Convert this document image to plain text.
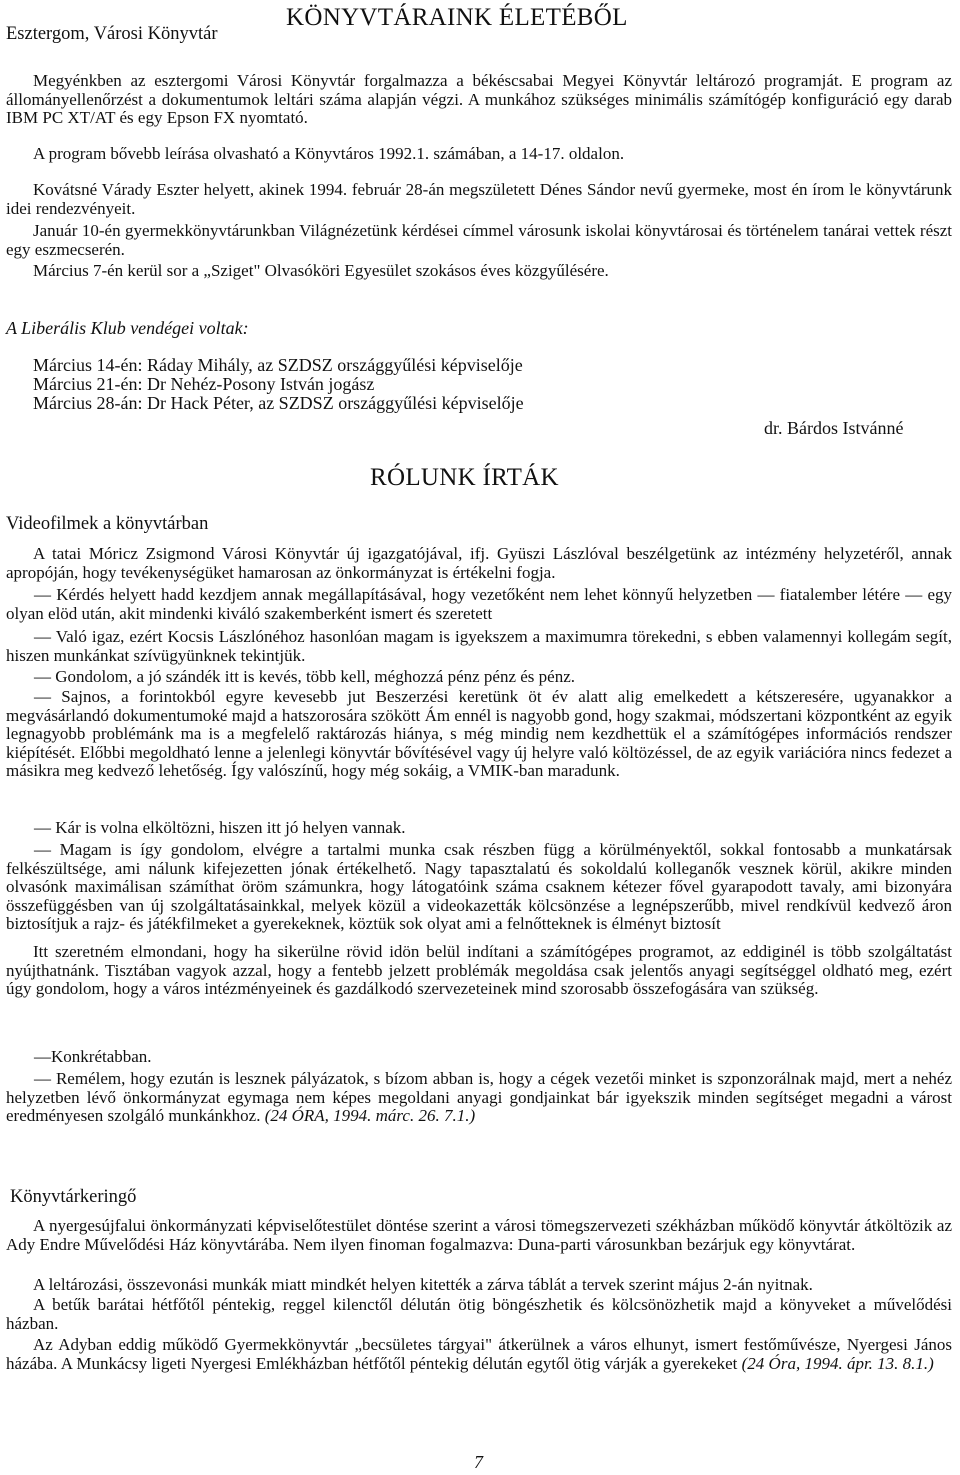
KÖNYVTÁRAINK ÉLETÉBŐL
Esztergom, Városi Könyvtár

Megyénkben az esztergomi Városi Könyvtár forgalmazza a békéscsabai Megyei Könyvtár leltározó programját. E program az állományellenőrzést a dokumentumok leltári száma alapján végzi. A munkához szükséges minimális számítógép konfiguráció egy darab IBM PC XT/AT és egy Epson FX nyomtató.

A program bővebb leírása olvasható a Könyvtáros 1992.1. számában, a 14-17. oldalon.

Kovátsné Várady Eszter helyett, akinek 1994. február 28-án megszületett Dénes Sándor nevű gyermeke, most én írom le könyvtárunk idei rendezvényeit.

Január 10-én gyermekkönyvtárunkban Világnézetünk kérdései címmel városunk iskolai könyvtárosai és történelem tanárai vettek részt egy eszmecserén.

Március 7-én kerül sor a „Sziget" Olvasóköri Egyesület szokásos éves közgyűlésére.

A Liberális Klub vendégei voltak:
Március 14-én: Ráday Mihály, az SZDSZ országgyűlési képviselője
Március 21-én: Dr Nehéz-Posony István jogász
Március 28-án: Dr Hack Péter, az SZDSZ országgyűlési képviselője
dr. Bárdos Istvánné
RÓLUNK ÍRTÁK
Videofilmek a könyvtárban

A tatai Móricz Zsigmond Városi Könyvtár új igazgatójával, ifj. Gyüszi Lászlóval beszélgetünk az intézmény helyzetéről, annak apropóján, hogy tevékenységüket hamarosan az önkormányzat is értékelni fogja.

— Kérdés helyett hadd kezdjem annak megállapításával, hogy vezetőként nem lehet könnyű helyzetben — fiatalember létére — egy olyan elöd után, akit mindenki kiváló szakemberként ismert és szeretett

— Való igaz, ezért Kocsis Lászlónéhoz hasonlóan magam is igyekszem a maximumra törekedni, s ebben valamennyi kollegám segít, hiszen munkánkat szívügyünknek tekintjük.

— Gondolom, a jó szándék itt is kevés, több kell, méghozzá pénz pénz és pénz.

— Sajnos, a forintokból egyre kevesebb jut Beszerzési keretünk öt év alatt alig emelkedett a kétszeresére, ugyanakkor a megvásárlandó dokumentumoké majd a hatszorosára szökött Ám ennél is nagyobb gond, hogy szakmai, módszertani központként az egyik legnagyobb problémánk ma is a megfelelő raktározás hiánya, s még mindig nem kezdhettük el a számítógépes információs rendszer kiépítését. Előbbi megoldható lenne a jelenlegi könyvtár bővítésével vagy új helyre való költözéssel, de az egyik variációra nincs fedezet a másikra meg kedvező lehetőség. Így valószínű, hogy még sokáig, a VMIK-ban maradunk.

— Kár is volna elköltözni, hiszen itt jó helyen vannak.

— Magam is így gondolom, elvégre a tartalmi munka csak részben függ a körülményektől, sokkal fontosabb a munkatársak felkészültsége, ami nálunk kifejezetten jónak értékelhető. Nagy tapasztalatú és sokoldalú kolleganők vesznek körül, akikre minden olvasónk maximálisan számíthat öröm számunkra, hogy látogatóink száma csaknem kétezer fővel gyarapodott tavaly, ami bizonyára összefüggésben van új szolgáltatásainkkal, melyek közül a videokazetták kölcsönzése a legnépszerűbb, mivel rendkívül kedvező áron biztosítjuk a rajz- és játékfilmeket a gyerekeknek, köztük sok olyat ami a felnőtteknek is élményt biztosít

Itt szeretném elmondani, hogy ha sikerülne rövid idön belül indítani a számítógépes programot, az eddiginél is több szolgáltatást nyújthatnánk. Tisztában vagyok azzal, hogy a fentebb jelzett problémák megoldása csak jelentős anyagi segítséggel oldható meg, ezért úgy gondolom, hogy a város intézményeinek és gazdálkodó szervezeteinek mind szorosabb összefogására van szükség.

—Konkrétabban.

— Remélem, hogy ezután is lesznek pályázatok, s bízom abban is, hogy a cégek vezetői minket is szponzorálnak majd, mert a nehéz helyzetben lévő önkormányzat egymaga nem képes megoldani anyagi gondjainkat bár igyekszik minden segítséget megadni a várost eredményesen szolgáló munkánkhoz. (24 ÓRA, 1994. márc. 26. 7.1.)

Könyvtárkeringő

A nyergesújfalui önkormányzati képviselőtestület döntése szerint a városi tömegszervezeti székházban működő könyvtár átköltözik az Ady Endre Művelődési Ház könyvtárába. Nem ilyen finoman fogalmazva: Duna-parti városunkban bezárjuk egy könyvtárat.

A leltározási, összevonási munkák miatt mindkét helyen kitették a zárva táblát a tervek szerint május 2-án nyitnak.

A betűk barátai hétfőtől péntekig, reggel kilenctől délután ötig böngészhetik és kölcsönözhetik majd a könyveket a művelődési házban.

Az Adyban eddig működő Gyermekkönyvtár „becsületes tárgyai" átkerülnek a város elhunyt, ismert festőművésze, Nyergesi János házába. A Munkácsy ligeti Nyergesi Emlékházban hétfőtől péntekig délután egytől ötig várják a gyerekeket (24 Óra, 1994. ápr. 13. 8.1.)

7
